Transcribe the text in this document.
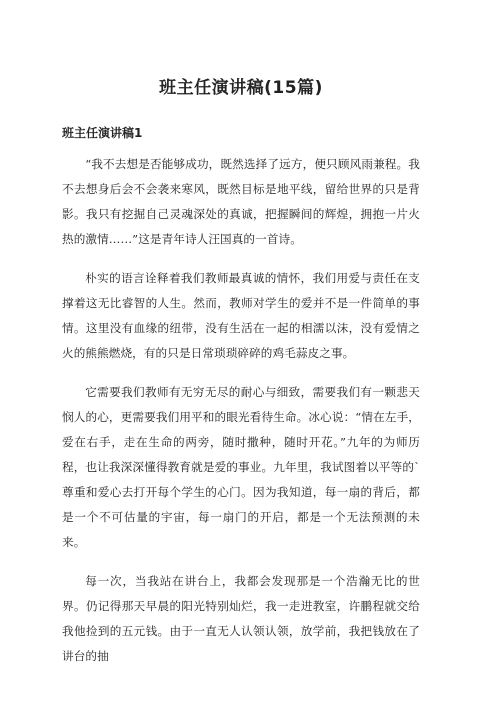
班主任演讲稿(15篇)
班主任演讲稿1

“我不去想是否能够成功，既然选择了远方，便只顾风雨兼程。我不去想身后会不会袭来寒风，既然目标是地平线，留给世界的只是背影。我只有挖掘自己灵魂深处的真诚，把握瞬间的辉煌，拥抱一片火热的激情……”这是青年诗人汪国真的一首诗。

朴实的语言诠释着我们教师最真诚的情怀，我们用爱与责任在支撑着这无比睿智的人生。然而，教师对学生的爱并不是一件简单的事情。这里没有血缘的纽带，没有生活在一起的相濡以沫，没有爱情之火的熊熊燃烧，有的只是日常琐琐碎碎的鸡毛蒜皮之事。

它需要我们教师有无穷无尽的耐心与细致，需要我们有一颗悲天悯人的心，更需要我们用平和的眼光看待生命。冰心说：“情在左手，爱在右手，走在生命的两旁，随时撒种，随时开花。”九年的为师历程，也让我深深懂得教育就是爱的事业。九年里，我试图着以平等的`尊重和爱心去打开每个学生的心门。因为我知道，每一扇的背后，都是一个不可估量的宇宙，每一扇门的开启，都是一个无法预测的未来。

每一次，当我站在讲台上，我都会发现那是一个浩瀚无比的世界。仍记得那天早晨的阳光特别灿烂，我一走进教室，许鹏程就交给我他捡到的五元钱。由于一直无人认领认领，放学前，我把钱放在了讲台的抽
